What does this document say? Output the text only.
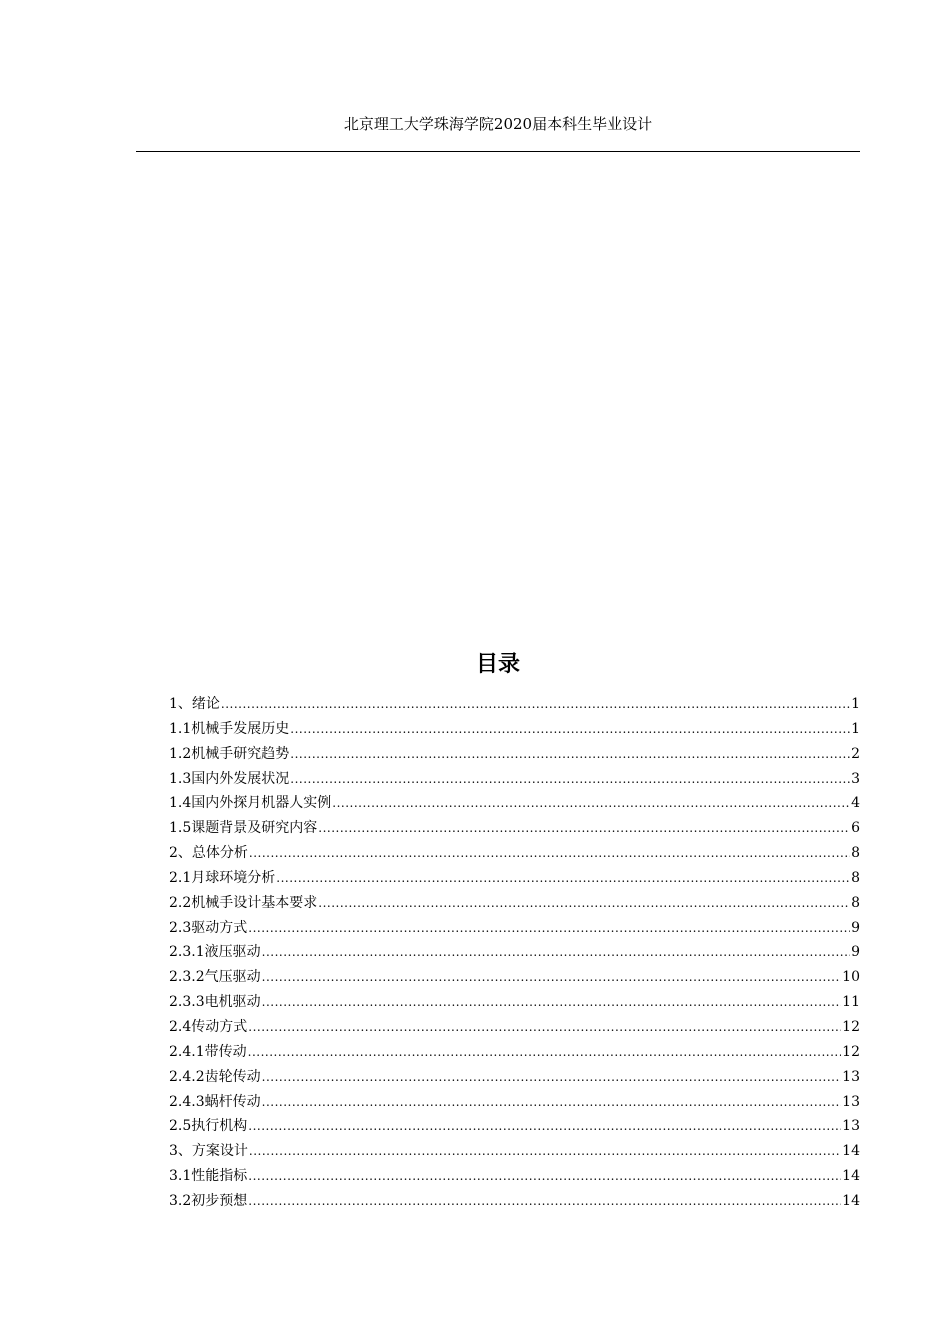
北京理工大学珠海学院2020届本科生毕业设计
目录
1、绪论 .....	1
1.1机械手发展历史 .....	1
1.2机械手研究趋势 .....	2
1.3国内外发展状况 .....	3
1.4国内外探月机器人实例 .....	4
1.5课题背景及研究内容 .....	6
2、总体分析 .....	8
2.1月球环境分析 .....	8
2.2机械手设计基本要求 .....	8
2.3驱动方式 .....	9
2.3.1液压驱动 .....	9
2.3.2气压驱动 .....	10
2.3.3电机驱动 .....	11
2.4传动方式 .....	12
2.4.1带传动 .....	12
2.4.2齿轮传动 .....	13
2.4.3蜗杆传动 .....	13
2.5执行机构 .....	13
3、方案设计 .....	14
3.1性能指标 .....	14
3.2初步预想 .....	14
